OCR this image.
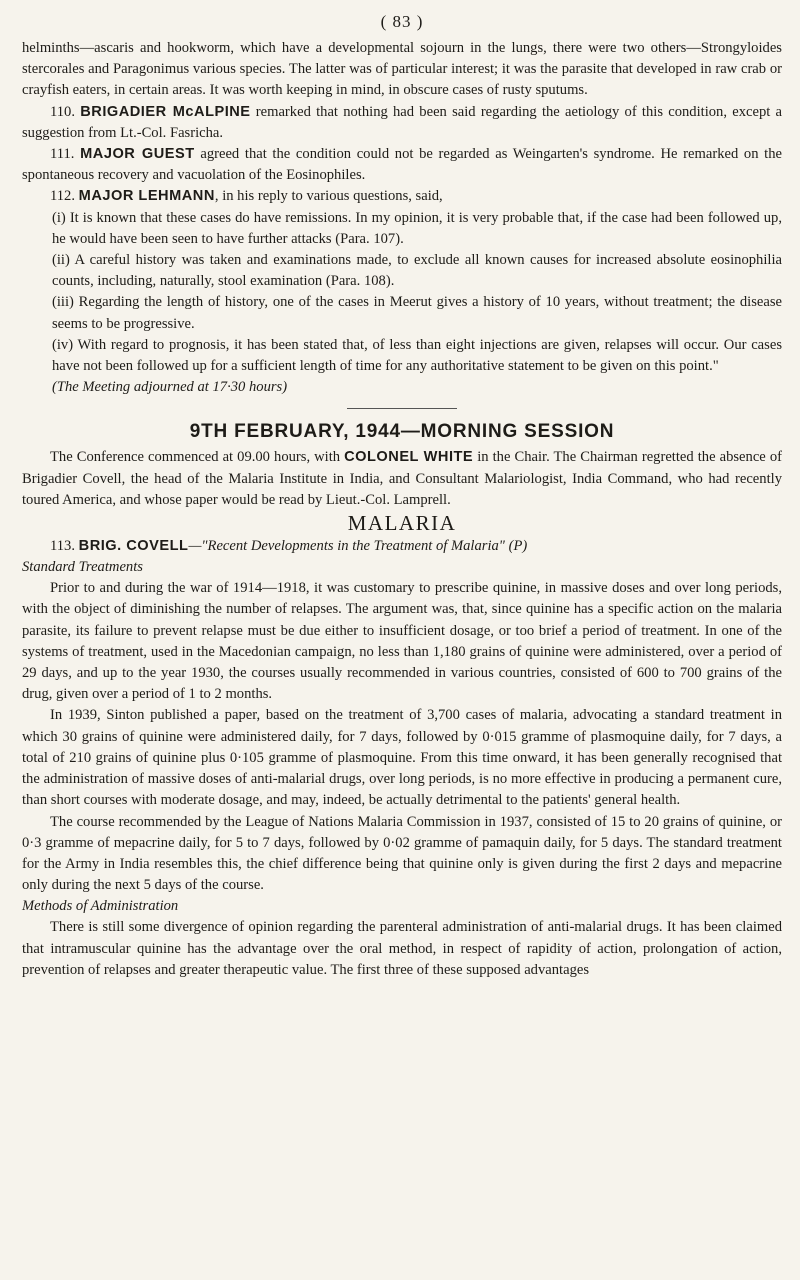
( 83 )

helminths—ascaris and hookworm, which have a developmental sojourn in the lungs, there were two others—Strongyloides stercorales and Paragonimus various species. The latter was of particular interest; it was the parasite that developed in raw crab or crayfish eaters, in certain areas. It was worth keeping in mind, in obscure cases of rusty sputums.

110. BRIGADIER McALPINE remarked that nothing had been said regarding the aetiology of this condition, except a suggestion from Lt.-Col. Fasricha.

111. MAJOR GUEST agreed that the condition could not be regarded as Weingarten's syndrome. He remarked on the spontaneous recovery and vacuolation of the Eosinophiles.

112. MAJOR LEHMANN, in his reply to various questions, said,

(i) It is known that these cases do have remissions. In my opinion, it is very probable that, if the case had been followed up, he would have been seen to have further attacks (Para. 107).

(ii) A careful history was taken and examinations made, to exclude all known causes for increased absolute eosinophilia counts, including, naturally, stool examination (Para. 108).

(iii) Regarding the length of history, one of the cases in Meerut gives a history of 10 years, without treatment; the disease seems to be progressive.

(iv) With regard to prognosis, it has been stated that, of less than eight injections are given, relapses will occur. Our cases have not been followed up for a sufficient length of time for any authoritative statement to be given on this point."

(The Meeting adjourned at 17·30 hours)

9TH FEBRUARY, 1944—MORNING SESSION

The Conference commenced at 09.00 hours, with COLONEL WHITE in the Chair. The Chairman regretted the absence of Brigadier Covell, the head of the Malaria Institute in India, and Consultant Malariologist, India Command, who had recently toured America, and whose paper would be read by Lieut.-Col. Lamprell.

MALARIA

113. BRIG. COVELL—"Recent Developments in the Treatment of Malaria" (P)

Standard Treatments

Prior to and during the war of 1914—1918, it was customary to prescribe quinine, in massive doses and over long periods, with the object of diminishing the number of relapses. The argument was, that, since quinine has a specific action on the malaria parasite, its failure to prevent relapse must be due either to insufficient dosage, or too brief a period of treatment. In one of the systems of treatment, used in the Macedonian campaign, no less than 1,180 grains of quinine were administered, over a period of 29 days, and up to the year 1930, the courses usually recommended in various countries, consisted of 600 to 700 grains of the drug, given over a period of 1 to 2 months.

In 1939, Sinton published a paper, based on the treatment of 3,700 cases of malaria, advocating a standard treatment in which 30 grains of quinine were administered daily, for 7 days, followed by 0·015 gramme of plasmoquine daily, for 7 days, a total of 210 grains of quinine plus 0·105 gramme of plasmoquine. From this time onward, it has been generally recognised that the administration of massive doses of anti-malarial drugs, over long periods, is no more effective in producing a permanent cure, than short courses with moderate dosage, and may, indeed, be actually detrimental to the patients' general health.

The course recommended by the League of Nations Malaria Commission in 1937, consisted of 15 to 20 grains of quinine, or 0·3 gramme of mepacrine daily, for 5 to 7 days, followed by 0·02 gramme of pamaquin daily, for 5 days. The standard treatment for the Army in India resembles this, the chief difference being that quinine only is given during the first 2 days and mepacrine only during the next 5 days of the course.

Methods of Administration

There is still some divergence of opinion regarding the parenteral administration of anti-malarial drugs. It has been claimed that intramuscular quinine has the advantage over the oral method, in respect of rapidity of action, prolongation of action, prevention of relapses and greater therapeutic value. The first three of these supposed advantages
